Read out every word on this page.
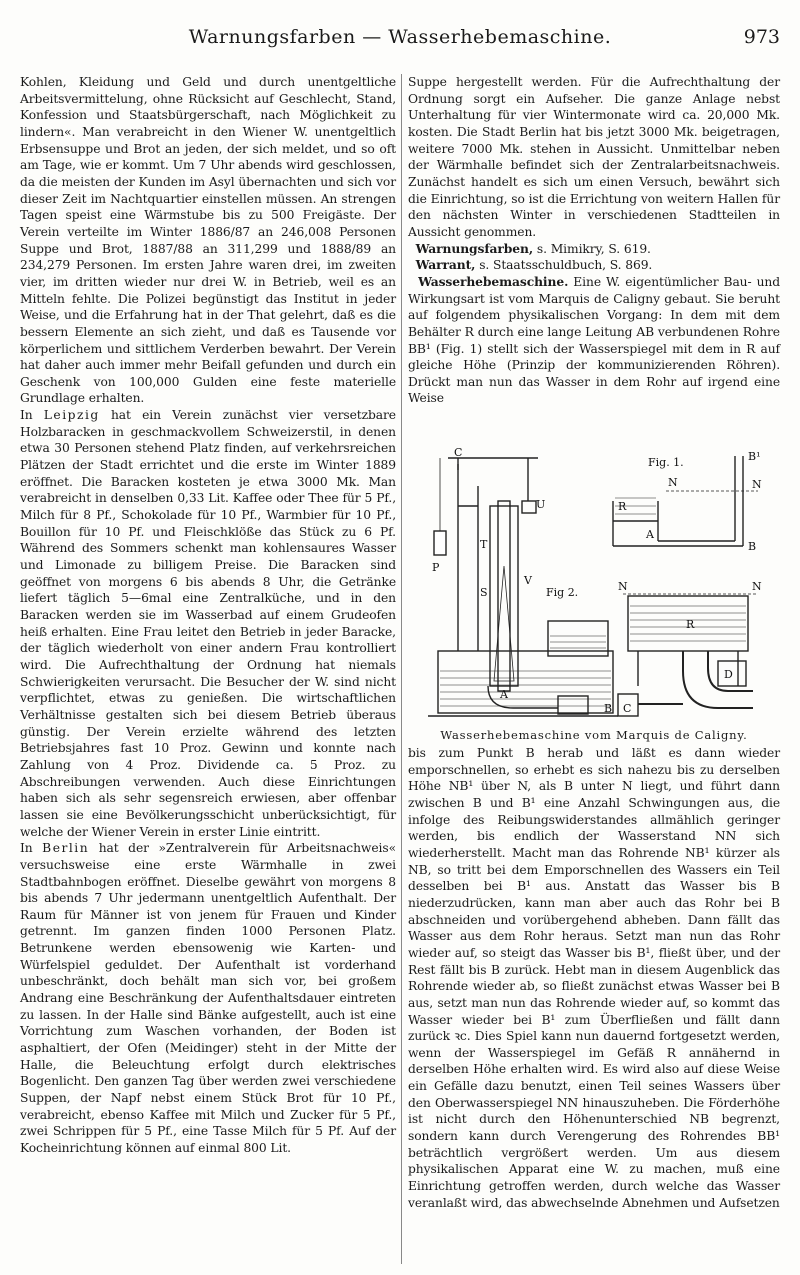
Warnungsfarben — Wasserhebemaschine.	973

Kohlen, Kleidung und Geld und durch unentgeltliche Arbeitsvermittelung, ohne Rücksicht auf Geschlecht, Stand, Konfession und Staatsbürgerschaft, nach Möglichkeit zu lindern«. Man verabreicht in den Wiener W. unentgeltlich Erbsensuppe und Brot an jeden, der sich meldet, und so oft am Tage, wie er kommt. Um 7 Uhr abends wird geschlossen, da die meisten der Kunden im Asyl übernachten und sich vor dieser Zeit im Nachtquartier einstellen müssen. An strengen Tagen speist eine Wärmstube bis zu 500 Freigäste. Der Verein verteilte im Winter 1886/87 an 246,008 Personen Suppe und Brot, 1887/88 an 311,299 und 1888/89 an 234,279 Personen. Im ersten Jahre waren drei, im zweiten vier, im dritten wieder nur drei W. in Betrieb, weil es an Mitteln fehlte. Die Polizei begünstigt das Institut in jeder Weise, und die Erfahrung hat in der That gelehrt, daß es die bessern Elemente an sich zieht, und daß es Tausende vor körperlichem und sittlichem Verderben bewahrt. Der Verein hat daher auch immer mehr Beifall gefunden und durch ein Geschenk von 100,000 Gulden eine feste materielle Grundlage erhalten.

In Leipzig hat ein Verein zunächst vier versetzbare Holzbaracken in geschmackvollem Schweizerstil, in denen etwa 30 Personen stehend Platz finden, auf verkehrsreichen Plätzen der Stadt errichtet und die erste im Winter 1889 eröffnet. Die Baracken kosteten je etwa 3000 Mk. Man verabreicht in denselben 0,33 Lit. Kaffee oder Thee für 5 Pf., Milch für 8 Pf., Schokolade für 10 Pf., Warmbier für 10 Pf., Bouillon für 10 Pf. und Fleischklöße das Stück zu 6 Pf. Während des Sommers schenkt man kohlensaures Wasser und Limonade zu billigem Preise. Die Baracken sind geöffnet von morgens 6 bis abends 8 Uhr, die Getränke liefert täglich 5—6mal eine Zentralküche, und in den Baracken werden sie im Wasserbad auf einem Grudeofen heiß erhalten. Eine Frau leitet den Betrieb in jeder Baracke, der täglich wiederholt von einer andern Frau kontrolliert wird. Die Aufrechthaltung der Ordnung hat niemals Schwierigkeiten verursacht. Die Besucher der W. sind nicht verpflichtet, etwas zu genießen. Die wirtschaftlichen Verhältnisse gestalten sich bei diesem Betrieb überaus günstig. Der Verein erzielte während des letzten Betriebsjahres fast 10 Proz. Gewinn und konnte nach Zahlung von 4 Proz. Dividende ca. 5 Proz. zu Abschreibungen verwenden. Auch diese Einrichtungen haben sich als sehr segensreich erwiesen, aber offenbar lassen sie eine Bevölkerungsschicht unberücksichtigt, für welche der Wiener Verein in erster Linie eintritt.

In Berlin hat der »Zentralverein für Arbeitsnachweis« versuchsweise eine erste Wärmhalle in zwei Stadtbahnbogen eröffnet. Dieselbe gewährt von morgens 8 bis abends 7 Uhr jedermann unentgeltlich Aufenthalt. Der Raum für Männer ist von jenem für Frauen und Kinder getrennt. Im ganzen finden 1000 Personen Platz. Betrunkene werden ebensowenig wie Karten- und Würfelspiel geduldet. Der Aufenthalt ist vorderhand unbeschränkt, doch behält man sich vor, bei großem Andrang eine Beschränkung der Aufenthaltsdauer eintreten zu lassen. In der Halle sind Bänke aufgestellt, auch ist eine Vorrichtung zum Waschen vorhanden, der Boden ist asphaltiert, der Ofen (Meidinger) steht in der Mitte der Halle, die Beleuchtung erfolgt durch elektrisches Bogenlicht. Den ganzen Tag über werden zwei verschiedene Suppen, der Napf nebst einem Stück Brot für 10 Pf., verabreicht, ebenso Kaffee mit Milch und Zucker für 5 Pf., zwei Schrippen für 5 Pf., eine Tasse Milch für 5 Pf. Auf der Kocheinrichtung können auf einmal 800 Lit.

Suppe hergestellt werden. Für die Aufrechthaltung der Ordnung sorgt ein Aufseher. Die ganze Anlage nebst Unterhaltung für vier Wintermonate wird ca. 20,000 Mk. kosten. Die Stadt Berlin hat bis jetzt 3000 Mk. beigetragen, weitere 7000 Mk. stehen in Aussicht. Unmittelbar neben der Wärmhalle befindet sich der Zentralarbeitsnachweis. Zunächst handelt es sich um einen Versuch, bewährt sich die Einrichtung, so ist die Errichtung von weitern Hallen für den nächsten Winter in verschiedenen Stadtteilen in Aussicht genommen.

Warnungsfarben, s. Mimikry, S. 619.

Warrant, s. Staatsschuldbuch, S. 869.

Wasserhebemaschine. Eine W. eigentümlicher Bau- und Wirkungsart ist vom Marquis de Caligny gebaut. Sie beruht auf folgendem physikalischen Vorgang: In dem mit dem Behälter R durch eine lange Leitung AB verbundenen Rohre BB¹ (Fig. 1) stellt sich der Wasserspiegel mit dem in R auf gleiche Höhe (Prinzip der kommunizierenden Röhren). Drückt man nun das Wasser in dem Rohr auf irgend eine Weise

C
P
U
T
V
S
A
Fig. 1.
Fig 2.
B¹
N	N
R
A
B
N	N
R
D
B C
Wasserhebemaschine vom Marquis de Caligny.

bis zum Punkt B herab und läßt es dann wieder emporschnellen, so erhebt es sich nahezu bis zu derselben Höhe NB¹ über N, als B unter N liegt, und führt dann zwischen B und B¹ eine Anzahl Schwingungen aus, die infolge des Reibungswiderstandes allmählich geringer werden, bis endlich der Wasserstand NN sich wiederherstellt. Macht man das Rohrende NB¹ kürzer als NB, so tritt bei dem Emporschnellen des Wassers ein Teil desselben bei B¹ aus. Anstatt das Wasser bis B niederzudrücken, kann man aber auch das Rohr bei B abschneiden und vorübergehend abheben. Dann fällt das Wasser aus dem Rohr heraus. Setzt man nun das Rohr wieder auf, so steigt das Wasser bis B¹, fließt über, und der Rest fällt bis B zurück. Hebt man in diesem Augenblick das Rohrende wieder ab, so fließt zunächst etwas Wasser bei B aus, setzt man nun das Rohrende wieder auf, so kommt das Wasser wieder bei B¹ zum Überfließen und fällt dann zurück ꝛc. Dies Spiel kann nun dauernd fortgesetzt werden, wenn der Wasserspiegel im Gefäß R annähernd in derselben Höhe erhalten wird. Es wird also auf diese Weise ein Gefälle dazu benutzt, einen Teil seines Wassers über den Oberwasserspiegel NN hinauszuheben. Die Förderhöhe ist nicht durch den Höhenunterschied NB begrenzt, sondern kann durch Verengerung des Rohrendes BB¹ beträchtlich vergrößert werden. Um aus diesem physikalischen Apparat eine W. zu machen, muß eine Einrichtung getroffen werden, durch welche das Wasser veranlaßt wird, das abwechselnde Abnehmen und Aufsetzen
